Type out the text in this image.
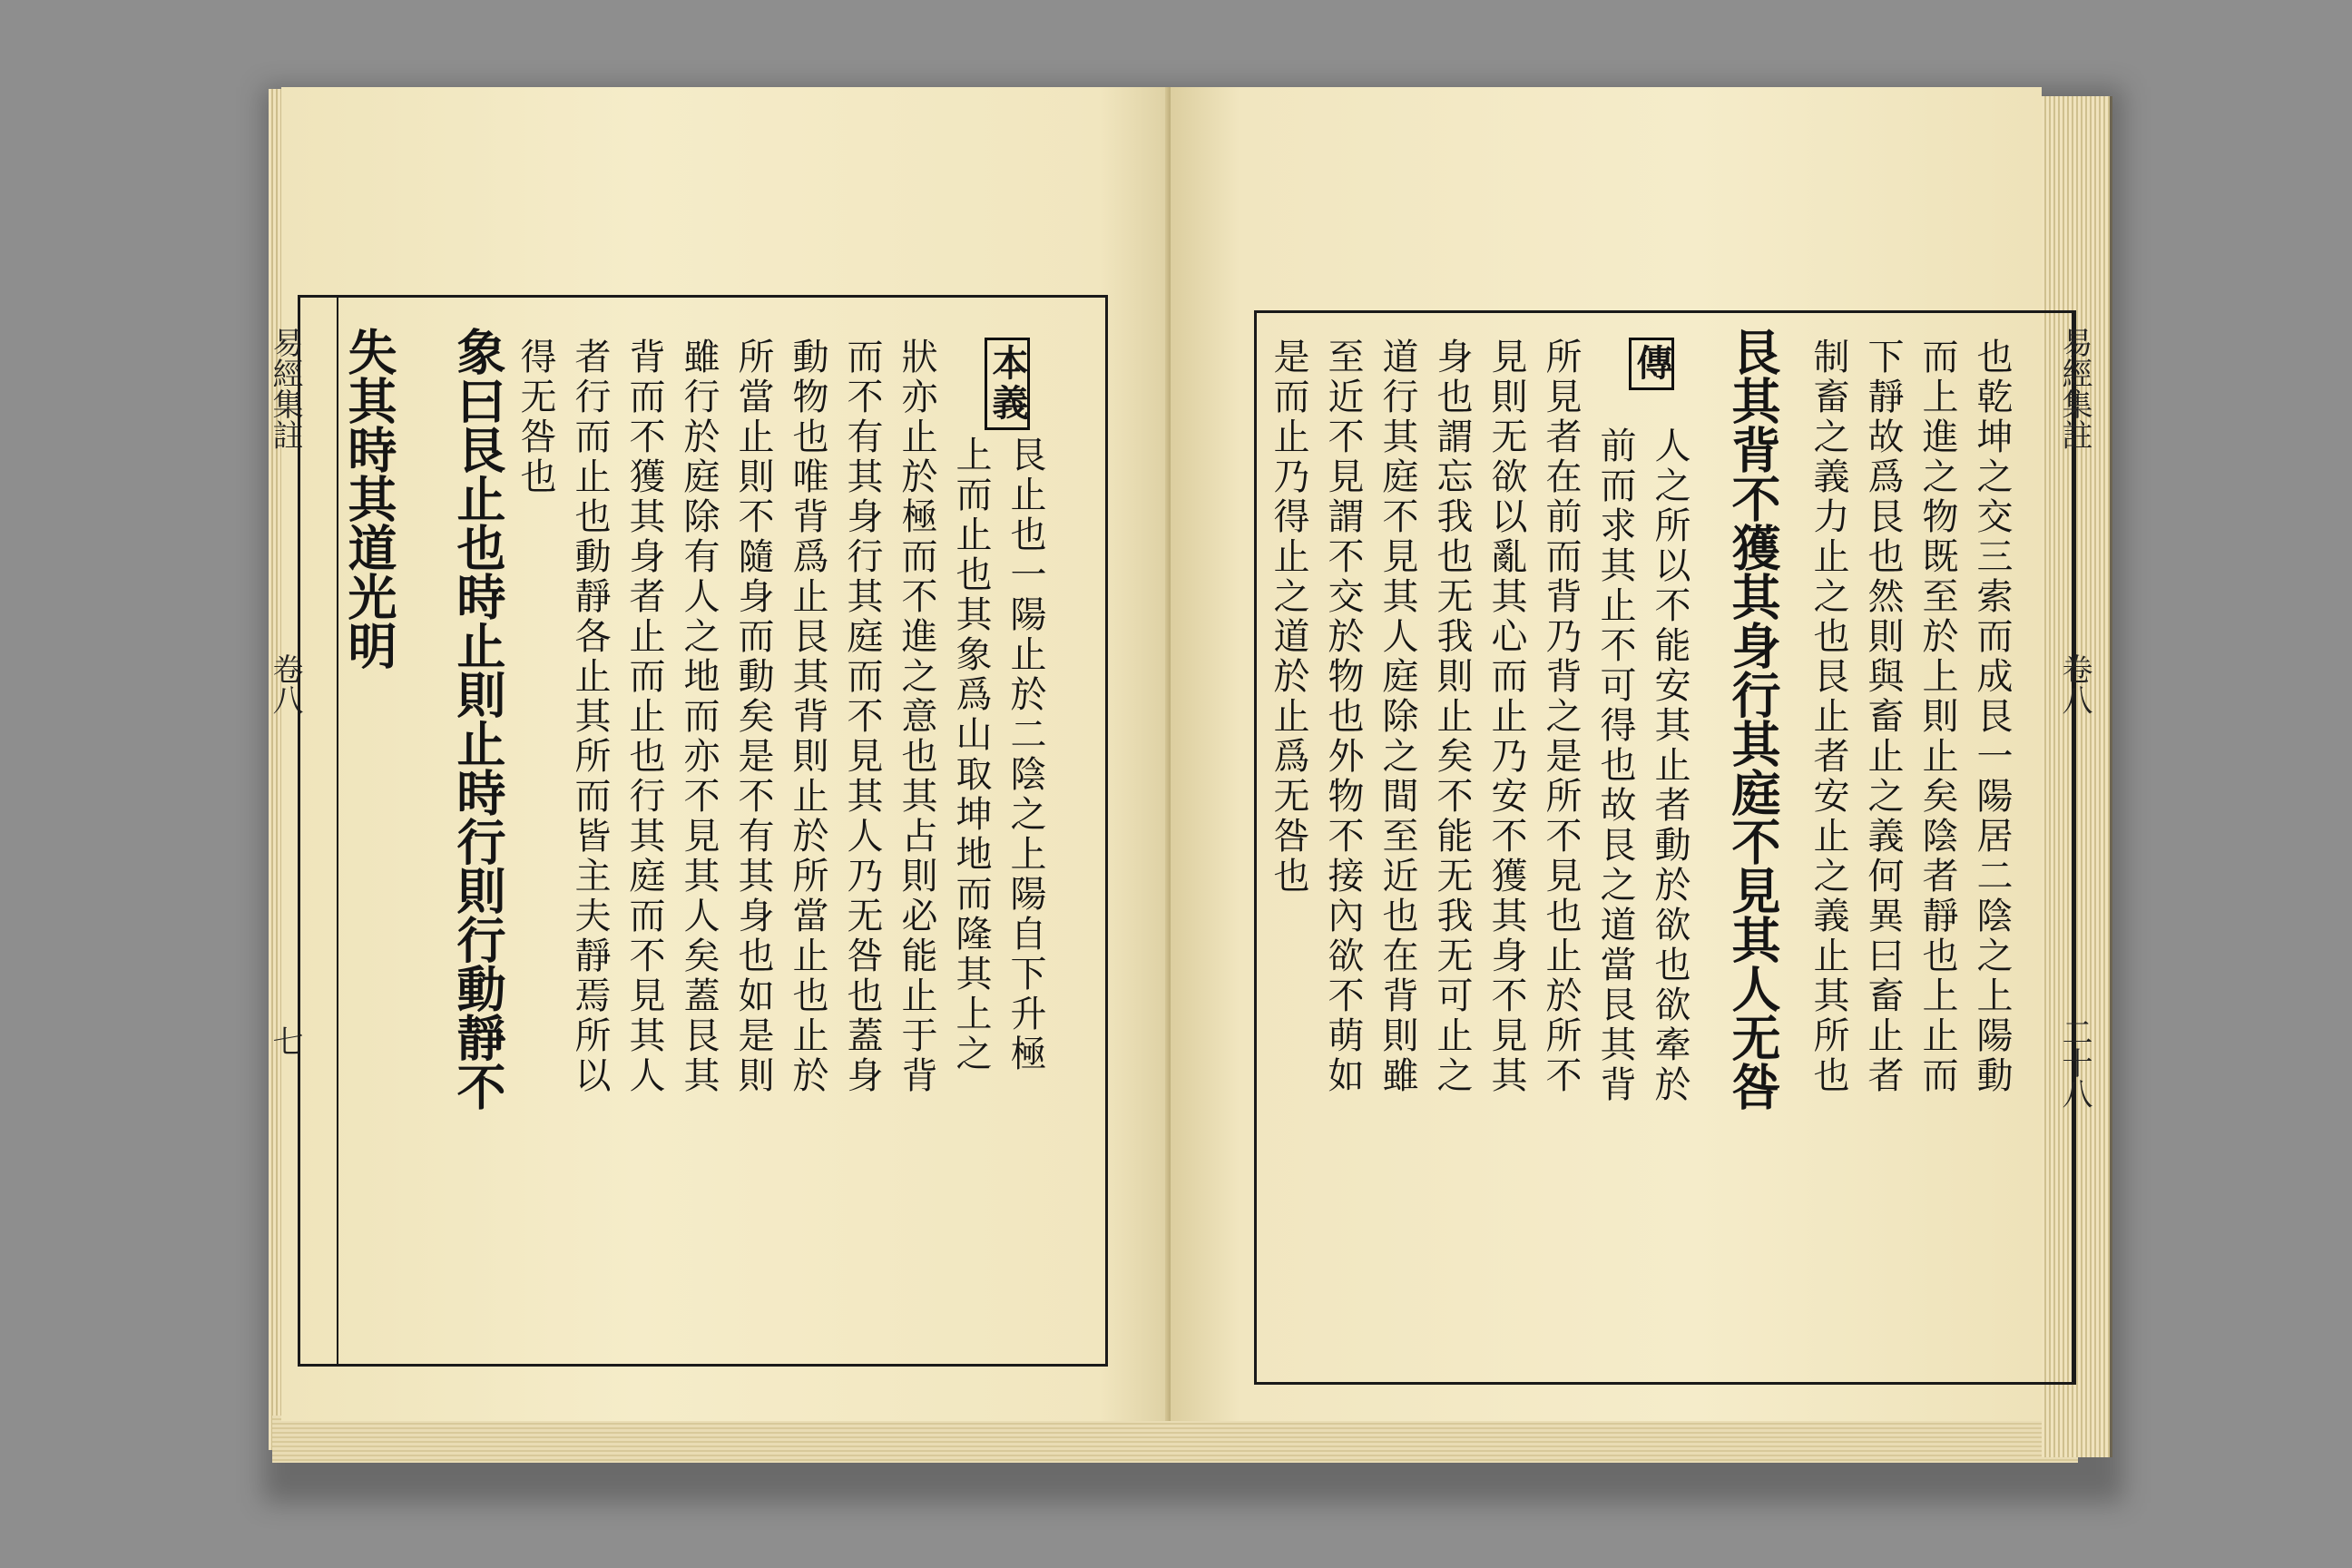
易經集註
卷八
七	象曰艮止也時止則止時行則行動靜不
失其時其道光明	本義
艮止也一陽止於二陰之上陽自下升極
上而止也其象爲山取坤地而隆其上之
狀亦止於極而不進之意也其占則必能止于背
而不有其身行其庭而不見其人乃无咎也蓋身
動物也唯背爲止艮其背則止於所當止也止於
所當止則不隨身而動矣是不有其身也如是則
雖行於庭除有人之地而亦不見其人矣蓋艮其
背而不獲其身者止而止也行其庭而不見其人
者行而止也動靜各止其所而皆主夫靜焉所以
得无咎也	易經集註
卷八
二十八
也乾坤之交三索而成艮一陽居二陰之上陽動
而上進之物既至於上則止矣陰者靜也上止而
下靜故爲艮也然則與畜止之義何異曰畜止者
制畜之義力止之也艮止者安止之義止其所也
艮其背不獲其身行其庭不見其人无咎
傳
人之所以不能安其止者動於欲也欲牽於
前而求其止不可得也故艮之道當艮其背
所見者在前而背乃背之是所不見也止於所不
見則无欲以亂其心而止乃安不獲其身不見其
身也謂忘我也无我則止矣不能无我无可止之
道行其庭不見其人庭除之間至近也在背則雖
至近不見謂不交於物也外物不接內欲不萌如
是而止乃得止之道於止爲无咎也
